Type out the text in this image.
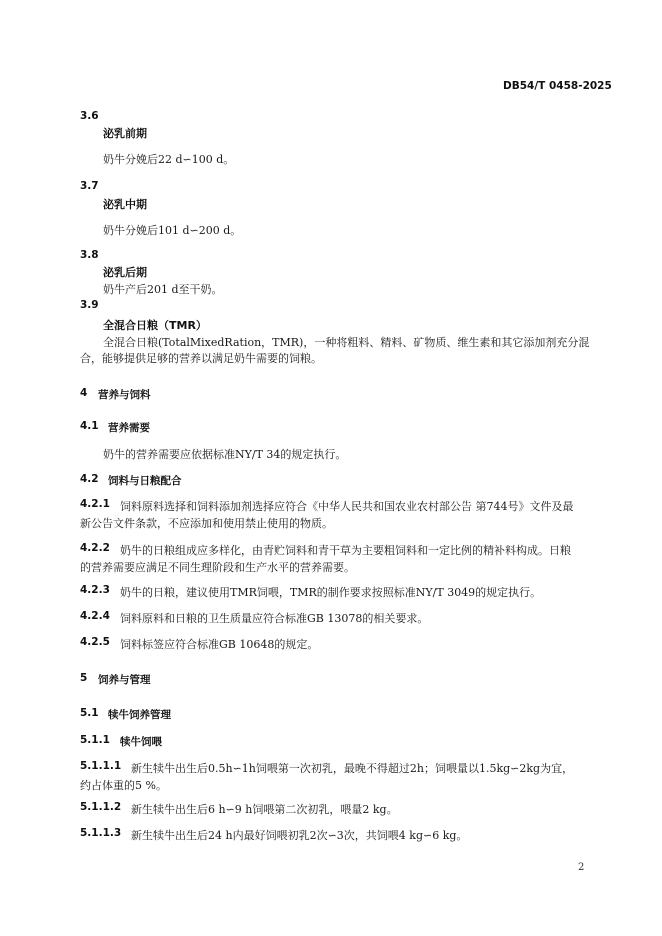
DB54/T 0458-2025
3.6
泌乳前期
奶牛分娩后22 d∽100 d。
3.7
泌乳中期
奶牛分娩后101 d∽200 d。
3.8
泌乳后期
奶牛产后201 d至干奶。
3.9
全混合日粮（TMR）
全混合日粮(TotalMixedRation，TMR)，一种将粗料、精料、矿物质、维生素和其它添加剂充分混
合，能够提供足够的营养以满足奶牛需要的饲粮。
4 营养与饲料
4.1 营养需要
奶牛的营养需要应依据标准NY/T 34的规定执行。
4.2 饲料与日粮配合
4.2.1 饲料原料选择和饲料添加剂选择应符合《中华人民共和国农业农村部公告 第744号》文件及最
新公告文件条款，不应添加和使用禁止使用的物质。
4.2.2 奶牛的日粮组成应多样化，由青贮饲料和青干草为主要粗饲料和一定比例的精补料构成。日粮
的营养需要应满足不同生理阶段和生产水平的营养需要。
4.2.3 奶牛的日粮，建议使用TMR饲喂，TMR的制作要求按照标准NY/T 3049的规定执行。
4.2.4 饲料原料和日粮的卫生质量应符合标准GB 13078的相关要求。
4.2.5 饲料标签应符合标准GB 10648的规定。
5 饲养与管理
5.1 犊牛饲养管理
5.1.1 犊牛饲喂
5.1.1.1 新生犊牛出生后0.5h∽1h饲喂第一次初乳，最晚不得超过2h；饲喂量以1.5kg∽2kg为宜，
约占体重的5 %。
5.1.1.2 新生犊牛出生后6 h∽9 h饲喂第二次初乳，喂量2 kg。
5.1.1.3 新生犊牛出生后24 h内最好饲喂初乳2次∽3次，共饲喂4 kg∽6 kg。
2
